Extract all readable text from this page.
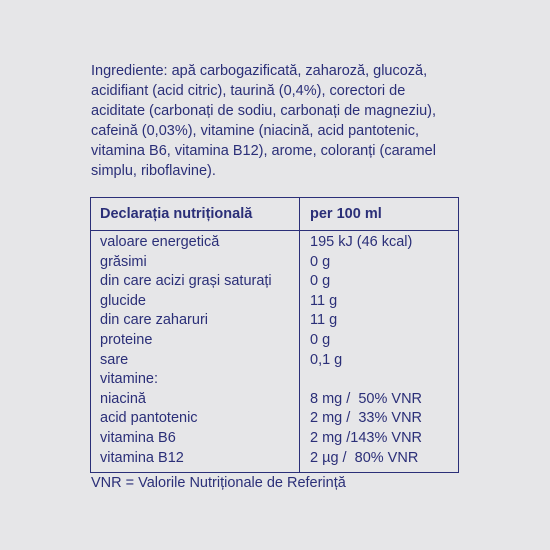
Ingrediente: apă carbogazificată, zaharoză, glucoză,
acidifiant (acid citric), taurină (0,4%), corectori de
aciditate (carbonați de sodiu, carbonați de magneziu),
cafeină (0,03%), vitamine (niacină, acid pantotenic,
vitamina B6, vitamina B12), arome, coloranți (caramel
simplu, riboflavine).
Declarația nutrițională	per 100 ml
valoare energetică
grăsimi
din care acizi grași saturați
glucide
din care zaharuri
proteine
sare
vitamine:
niacină
acid pantotenic
vitamina B6
vitamina B12
195 kJ (46 kcal)
0 g
0 g
11 g
11 g
0 g
0,1 g
8 mg /  50% VNR
2 mg /  33% VNR
2 mg /143% VNR
2 µg /  80% VNR
VNR = Valorile Nutriționale de Referință
